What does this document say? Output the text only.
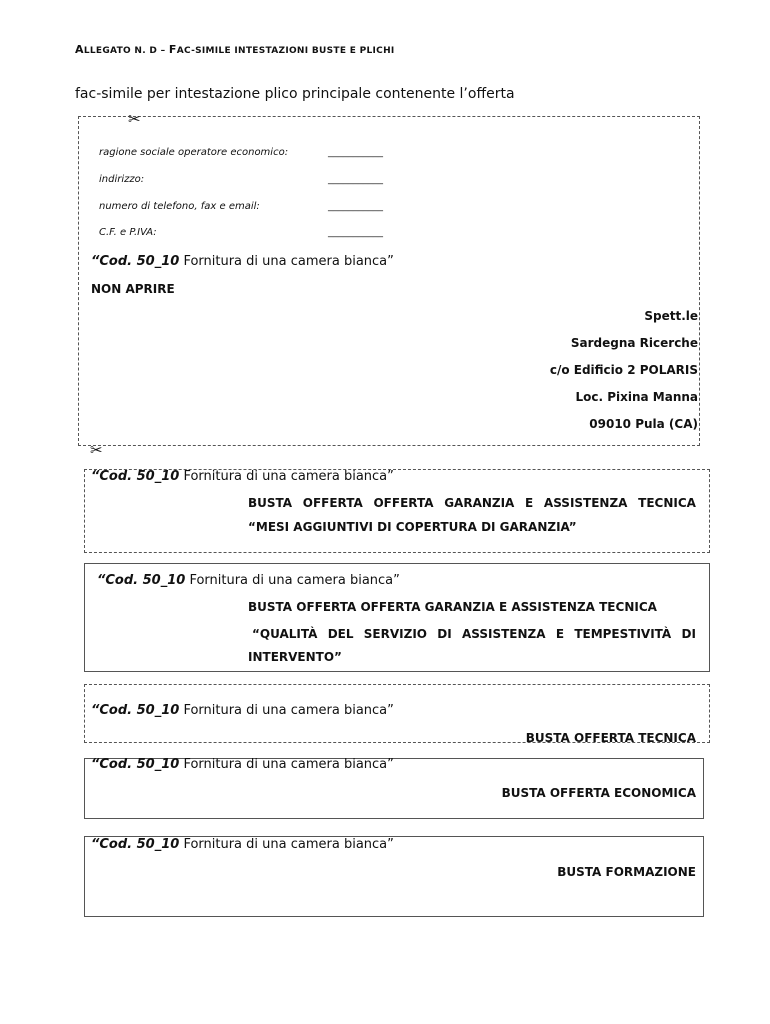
ALLEGATO N. D – FAC-SIMILE INTESTAZIONI BUSTE E PLICHI
fac-simile per intestazione plico principale contenente l’offerta
✂
ragione sociale operatore economico:	___________
indirizzo:	___________
numero di telefono, fax e email:	___________
C.F. e P.IVA:	___________
“Cod. 50_10 Fornitura di una camera bianca”
NON APRIRE
Spett.le
Sardegna Ricerche
c/o Edificio 2 POLARIS
Loc. Pixina Manna
09010 Pula (CA)
✂
“Cod. 50_10 Fornitura di una camera bianca”
BUSTA OFFERTA OFFERTA GARANZIA E ASSISTENZA TECNICA
“MESI AGGIUNTIVI DI COPERTURA DI GARANZIA”
“Cod. 50_10 Fornitura di una camera bianca”
BUSTA OFFERTA OFFERTA GARANZIA E ASSISTENZA TECNICA
“QUALITÀ DEL SERVIZIO DI ASSISTENZA E TEMPESTIVITÀ DI
INTERVENTO”
“Cod. 50_10 Fornitura di una camera bianca”
BUSTA OFFERTA TECNICA
“Cod. 50_10 Fornitura di una camera bianca”
BUSTA OFFERTA ECONOMICA
“Cod. 50_10 Fornitura di una camera bianca”
BUSTA FORMAZIONE
